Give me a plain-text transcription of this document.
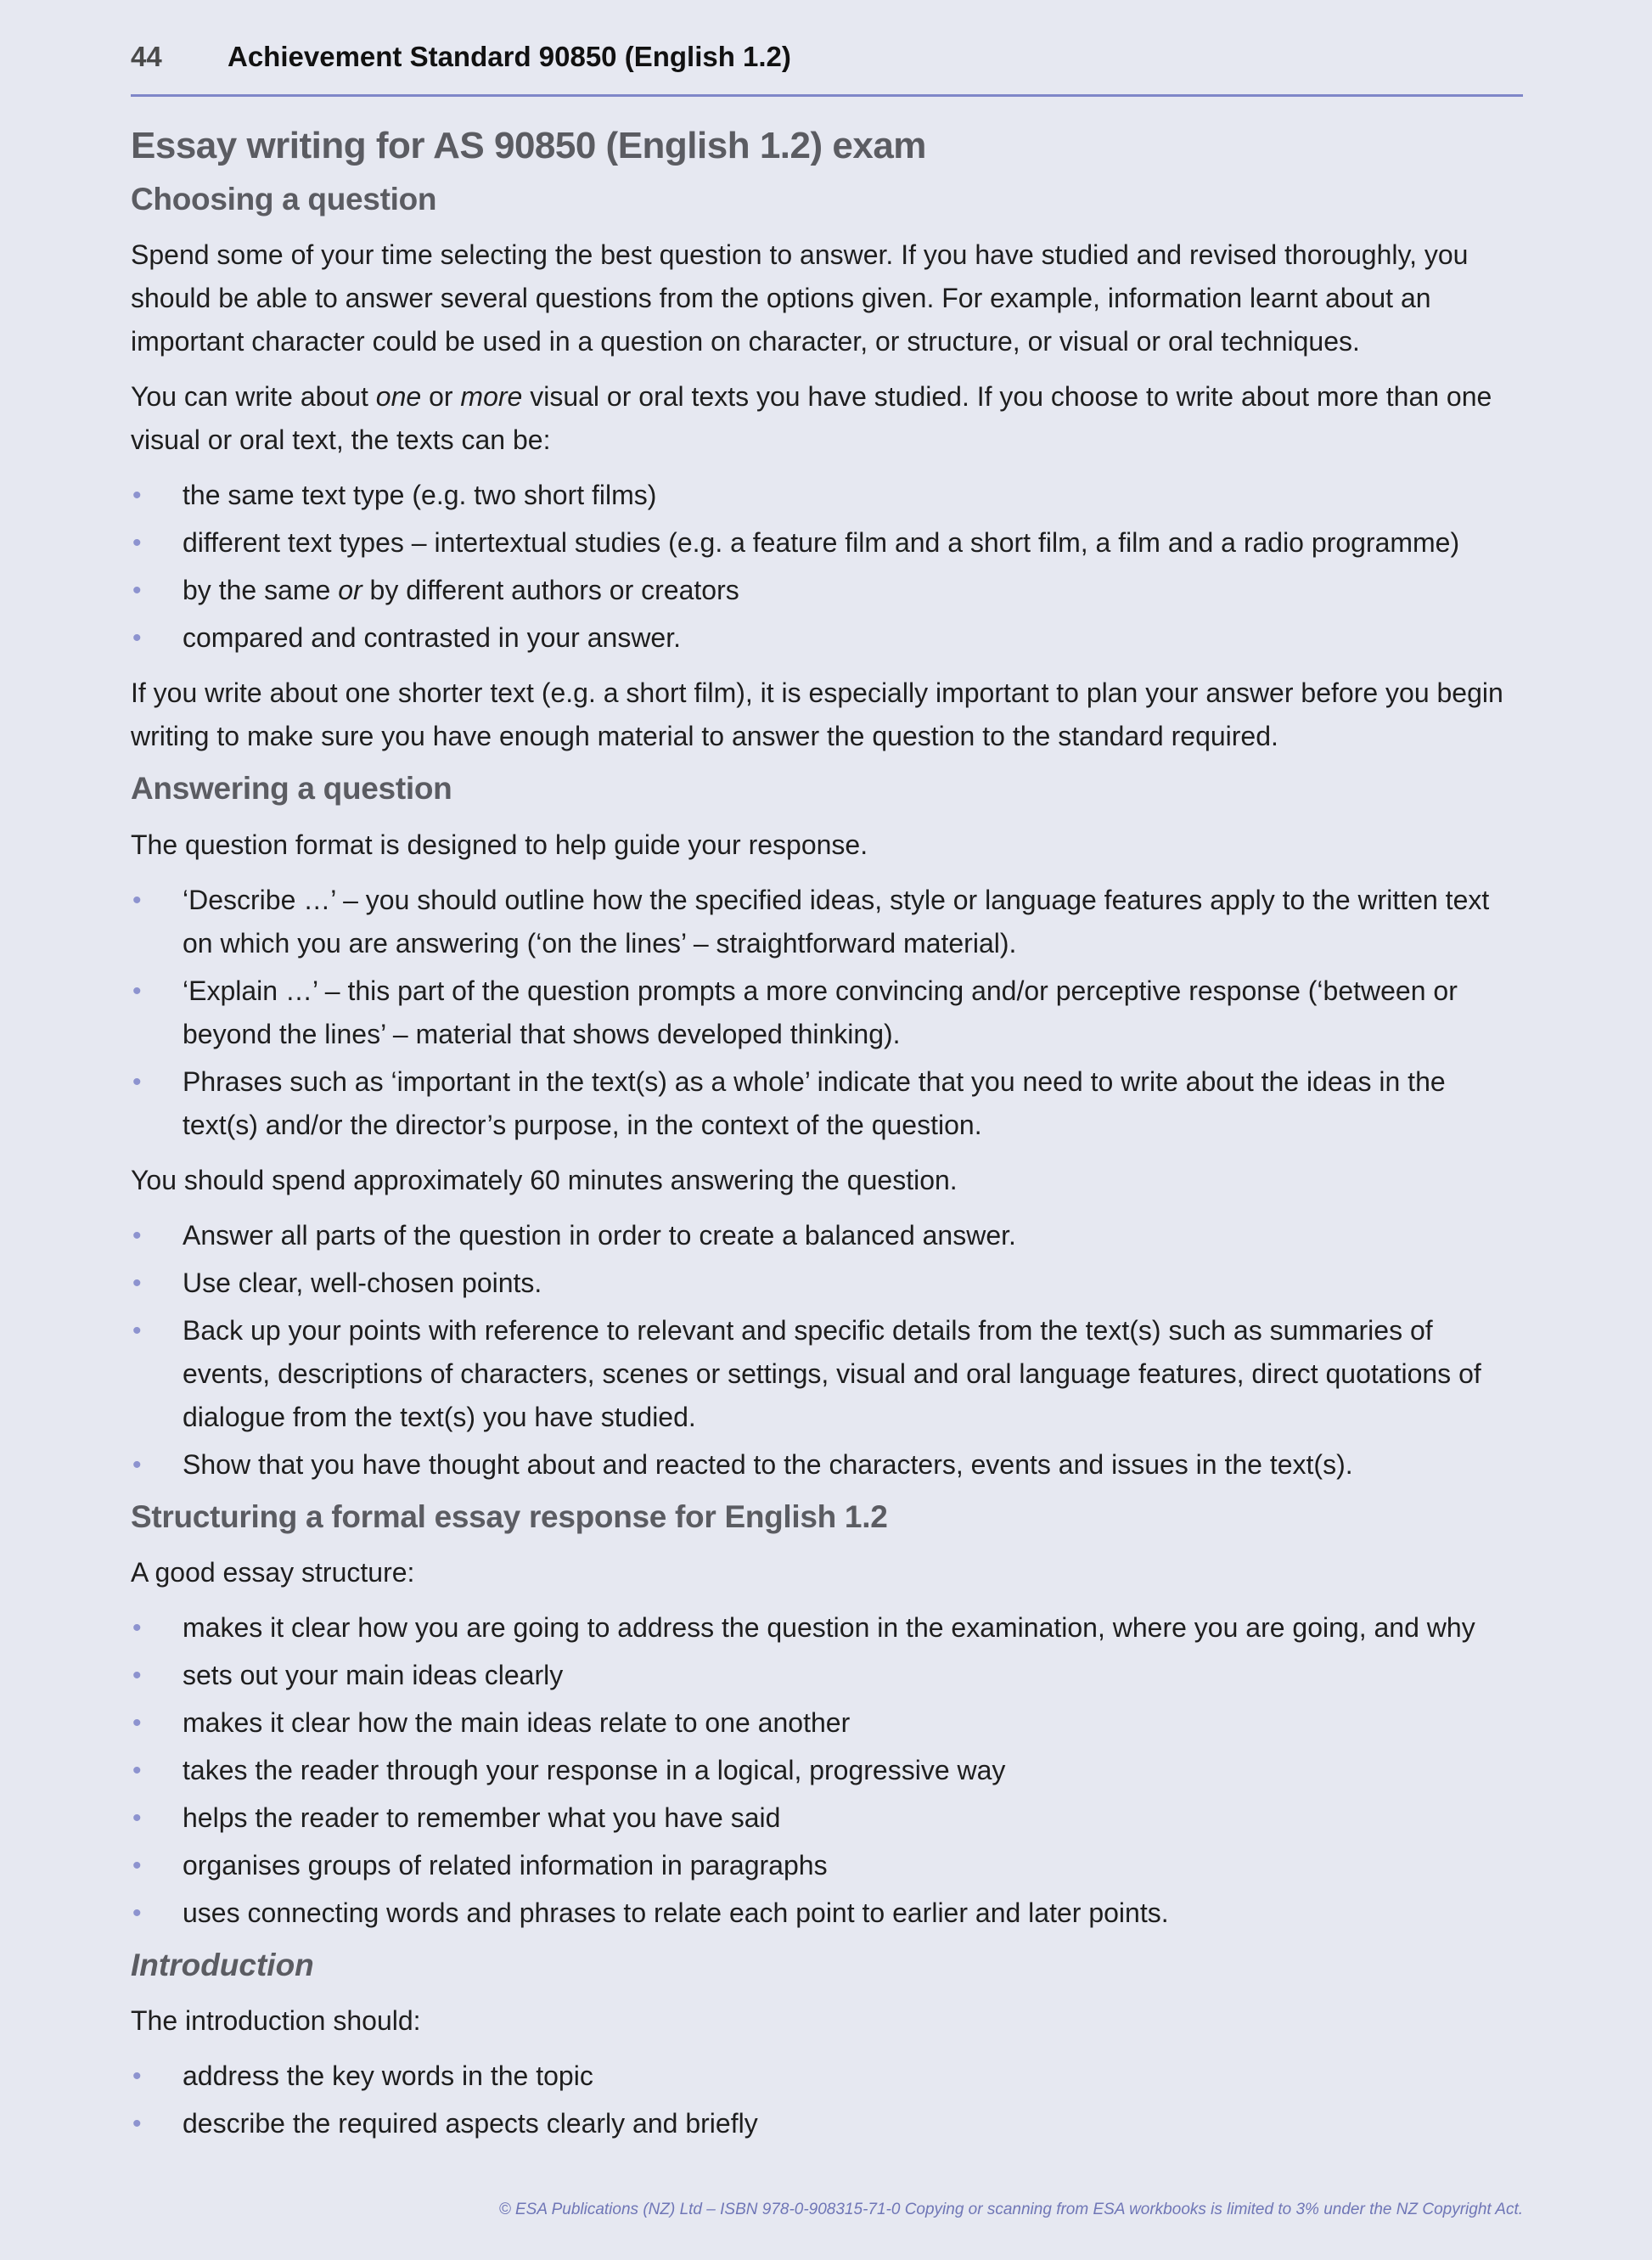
44 Achievement Standard 90850 (English 1.2)
Essay writing for AS 90850 (English 1.2) exam
Choosing a question

Spend some of your time selecting the best question to answer. If you have studied and revised thoroughly, you should be able to answer several questions from the options given. For example, information learnt about an important character could be used in a question on character, or structure, or visual or oral techniques.

You can write about one or more visual or oral texts you have studied. If you choose to write about more than one visual or oral text, the texts can be:

• the same text type (e.g. two short films)
• different text types – intertextual studies (e.g. a feature film and a short film, a film and a radio programme)
• by the same or by different authors or creators
• compared and contrasted in your answer.

If you write about one shorter text (e.g. a short film), it is especially important to plan your answer before you begin writing to make sure you have enough material to answer the question to the standard required.

Answering a question

The question format is designed to help guide your response.

• ‘Describe …’ – you should outline how the specified ideas, style or language features apply to the written text on which you are answering (‘on the lines’ – straightforward material).
• ‘Explain …’ – this part of the question prompts a more convincing and/or perceptive response (‘between or beyond the lines’ – material that shows developed thinking).
• Phrases such as ‘important in the text(s) as a whole’ indicate that you need to write about the ideas in the text(s) and/or the director’s purpose, in the context of the question.

You should spend approximately 60 minutes answering the question.

• Answer all parts of the question in order to create a balanced answer.
• Use clear, well-chosen points.
• Back up your points with reference to relevant and specific details from the text(s) such as summaries of events, descriptions of characters, scenes or settings, visual and oral language features, direct quotations of dialogue from the text(s) you have studied.
• Show that you have thought about and reacted to the characters, events and issues in the text(s).
Structuring a formal essay response for English 1.2

A good essay structure:

• makes it clear how you are going to address the question in the examination, where you are going, and why
• sets out your main ideas clearly
• makes it clear how the main ideas relate to one another
• takes the reader through your response in a logical, progressive way
• helps the reader to remember what you have said
• organises groups of related information in paragraphs
• uses connecting words and phrases to relate each point to earlier and later points.
Introduction

The introduction should:

• address the key words in the topic
• describe the required aspects clearly and briefly
© ESA Publications (NZ) Ltd – ISBN 978-0-908315-71-0 Copying or scanning from ESA workbooks is limited to 3% under the NZ Copyright Act.
